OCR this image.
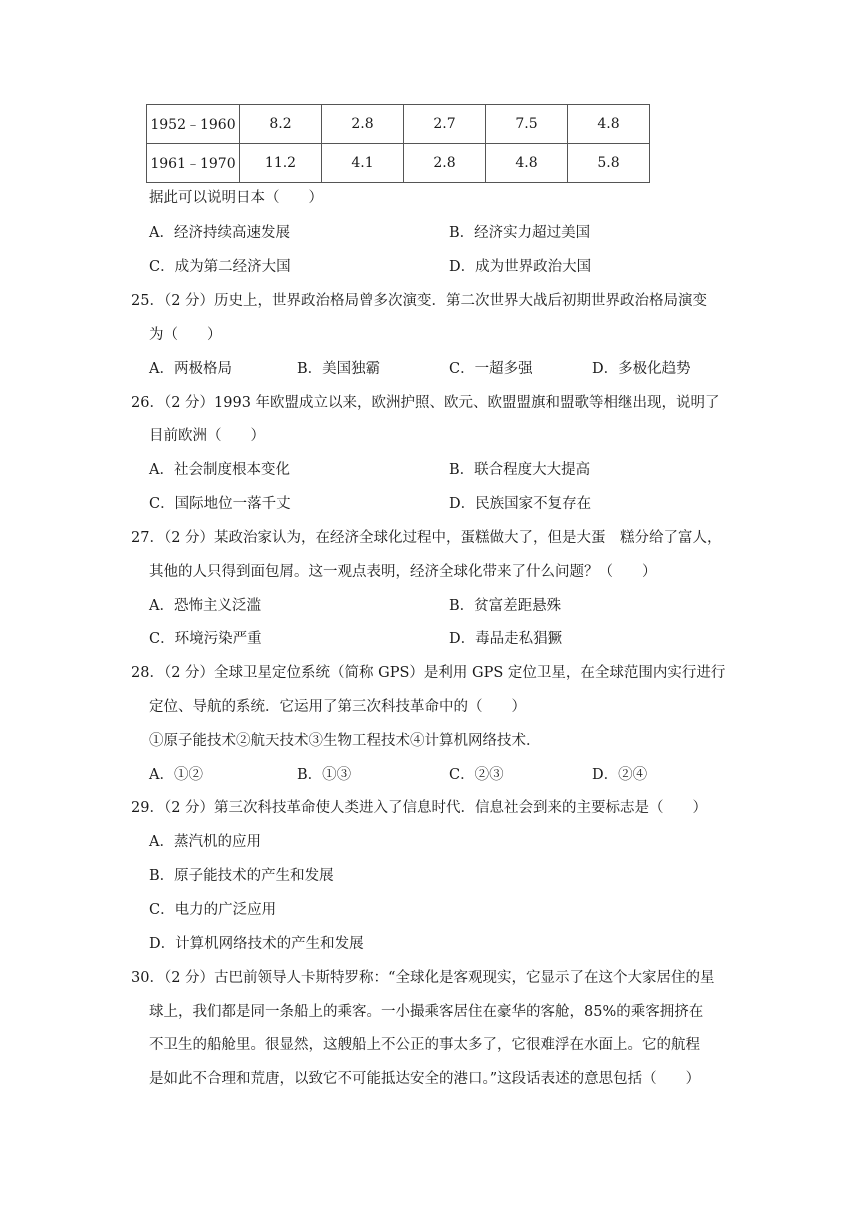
1952﹣1960	8.2	2.8	2.7	7.5	4.8
1961﹣1970	11.2	4.1	2.8	4.8	5.8
据此可以说明日本（　　）
A．经济持续高速发展	B．经济实力超过美国
C．成为第二经济大国	D．成为世界政治大国
25．（2 分）历史上，世界政治格局曾多次演变．第二次世界大战后初期世界政治格局演变
为（　　）
A．两极格局	B．美国独霸	C．一超多强	D．多极化趋势
26．（2 分）1993 年欧盟成立以来，欧洲护照、欧元、欧盟盟旗和盟歌等相继出现，说明了
目前欧洲（　　）
A．社会制度根本变化	B．联合程度大大提高
C．国际地位一落千丈	D．民族国家不复存在
27．（2 分）某政治家认为，在经济全球化过程中，蛋糕做大了，但是大蛋　糕分给了富人，
其他的人只得到面包屑。这一观点表明，经济全球化带来了什么问题？（　　）
A．恐怖主义泛滥	B．贫富差距悬殊
C．环境污染严重	D．毒品走私猖獗
28．（2 分）全球卫星定位系统（简称 GPS）是利用 GPS 定位卫星，在全球范围内实行进行
定位、导航的系统．它运用了第三次科技革命中的（　　）
①原子能技术②航天技术③生物工程技术④计算机网络技术．
A．①②	B．①③	C．②③	D．②④
29．（2 分）第三次科技革命使人类进入了信息时代．信息社会到来的主要标志是（　　）
A．蒸汽机的应用
B．原子能技术的产生和发展
C．电力的广泛应用
D．计算机网络技术的产生和发展
30．（2 分）古巴前领导人卡斯特罗称：“全球化是客观现实，它显示了在这个大家居住的星
球上，我们都是同一条船上的乘客。一小撮乘客居住在豪华的客舱，85%的乘客拥挤在
不卫生的船舱里。很显然，这艘船上不公正的事太多了，它很难浮在水面上。它的航程
是如此不合理和荒唐，以致它不可能抵达安全的港口。”这段话表述的意思包括（　　）
